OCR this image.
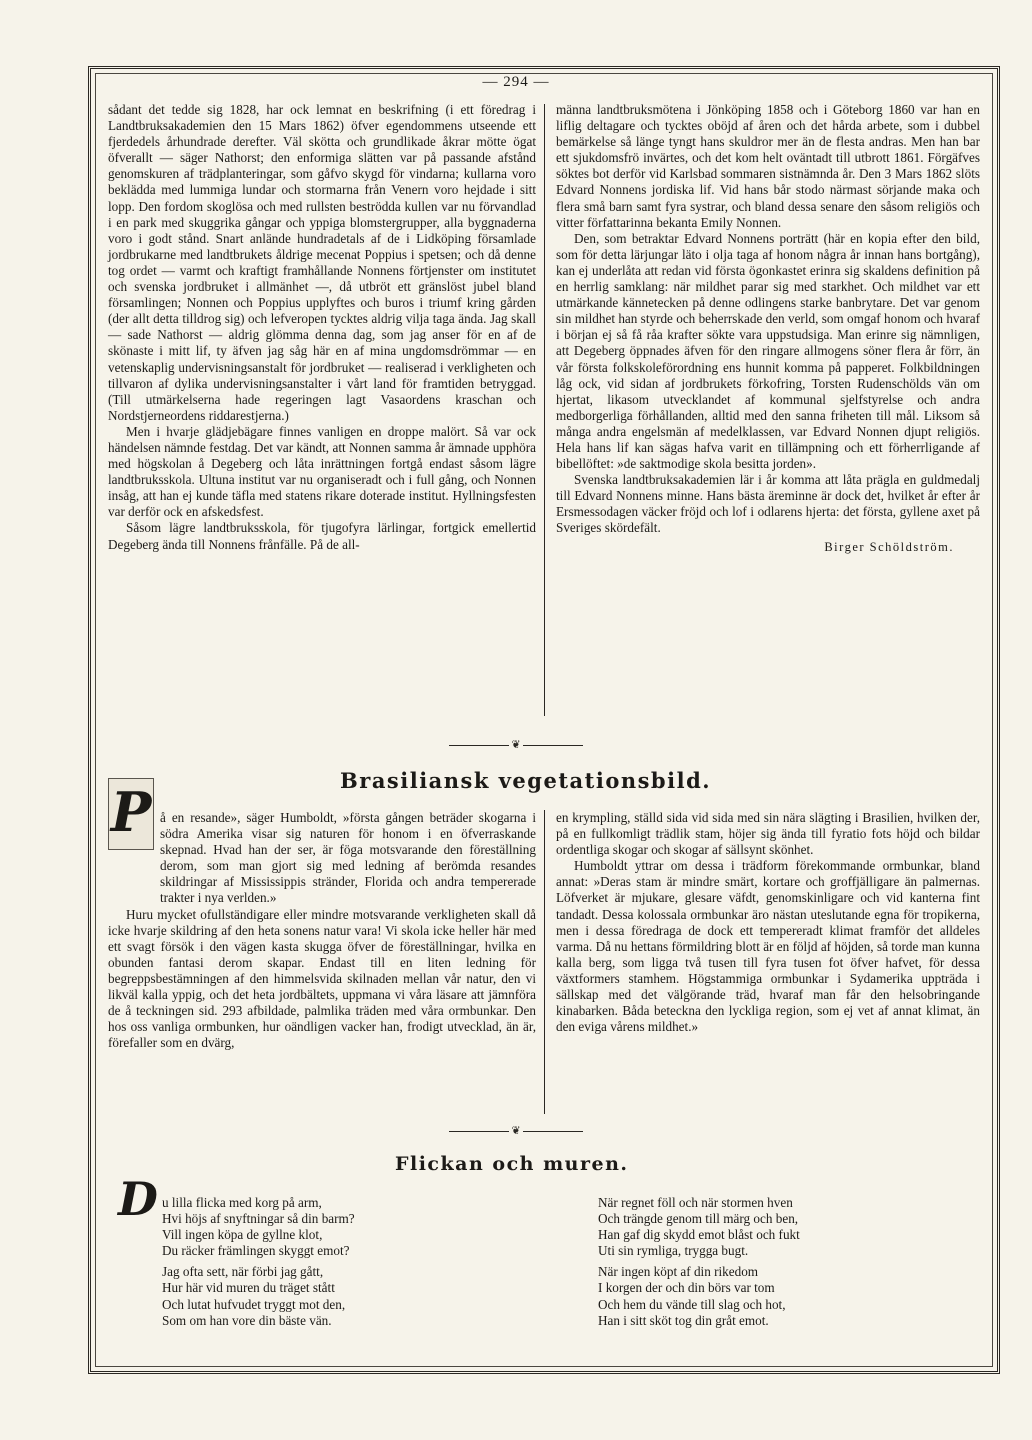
— 294 —

sådant det tedde sig 1828, har ock lemnat en beskrifning (i ett föredrag i Landtbruksakademien den 15 Mars 1862) öfver egendommens utseende ett fjerdedels århundrade derefter. Väl skötta och grundlikade åkrar mötte ögat öfverallt — säger Nathorst; den enformiga slätten var på passande afstånd genomskuren af trädplanteringar, som gåfvo skygd för vindarna; kullarna voro beklädda med lummiga lundar och stormarna från Venern voro hejdade i sitt lopp. Den fordom skoglösa och med rullsten beströdda kullen var nu förvandlad i en park med skuggrika gångar och yppiga blomstergrupper, alla byggnaderna voro i godt stånd. Snart anlände hundradetals af de i Lidköping församlade jordbrukarne med landtbrukets åldrige mecenat Poppius i spetsen; och då denne tog ordet — varmt och kraftigt framhållande Nonnens förtjenster om institutet och svenska jordbruket i allmänhet —, då utbröt ett gränslöst jubel bland församlingen; Nonnen och Poppius upplyftes och buros i triumf kring gården (der allt detta tilldrog sig) och lefveropen tycktes aldrig vilja taga ända. Jag skall — sade Nathorst — aldrig glömma denna dag, som jag anser för en af de skönaste i mitt lif, ty äfven jag såg här en af mina ungdomsdrömmar — en vetenskaplig undervisningsanstalt för jordbruket — realiserad i verkligheten och tillvaron af dylika undervisningsanstalter i vårt land för framtiden betryggad. (Till utmärkelserna hade regeringen lagt Vasaordens kraschan och Nordstjerneordens riddarestjerna.)

Men i hvarje glädjebägare finnes vanligen en droppe malört. Så var ock händelsen nämnde festdag. Det var kändt, att Nonnen samma år ämnade upphöra med högskolan å Degeberg och låta inrättningen fortgå endast såsom lägre landtbruksskola. Ultuna institut var nu organiseradt och i full gång, och Nonnen insåg, att han ej kunde täfla med statens rikare doterade institut. Hyllningsfesten var derför ock en afskedsfest.

Såsom lägre landtbruksskola, för tjugofyra lärlingar, fortgick emellertid Degeberg ända till Nonnens frånfälle. På de all-

männa landtbruksmötena i Jönköping 1858 och i Göteborg 1860 var han en liflig deltagare och tycktes oböjd af åren och det hårda arbete, som i dubbel bemärkelse så länge tyngt hans skuldror mer än de flesta andras. Men han bar ett sjukdomsfrö invärtes, och det kom helt oväntadt till utbrott 1861. Förgäfves söktes bot derför vid Karlsbad sommaren sistnämnda år. Den 3 Mars 1862 slöts Edvard Nonnens jordiska lif. Vid hans bår stodo närmast sörjande maka och flera små barn samt fyra systrar, och bland dessa senare den såsom religiös och vitter författarinna bekanta Emily Nonnen.

Den, som betraktar Edvard Nonnens porträtt (här en kopia efter den bild, som för detta lärjungar läto i olja taga af honom några år innan hans bortgång), kan ej underlåta att redan vid första ögonkastet erinra sig skaldens definition på en herrlig samklang: när mildhet parar sig med starkhet. Och mildhet var ett utmärkande kännetecken på denne odlingens starke banbrytare. Det var genom sin mildhet han styrde och beherrskade den verld, som omgaf honom och hvaraf i början ej så få råa krafter sökte vara uppstudsiga. Man erinre sig nämnligen, att Degeberg öppnades äfven för den ringare allmogens söner flera år förr, än vår första folkskoleförordning ens hunnit komma på papperet. Folkbildningen låg ock, vid sidan af jordbrukets förkofring, Torsten Rudenschölds vän om hjertat, likasom utvecklandet af kommunal sjelfstyrelse och andra medborgerliga förhållanden, alltid med den sanna friheten till mål. Liksom så många andra engelsmän af medelklassen, var Edvard Nonnen djupt religiös. Hela hans lif kan sägas hafva varit en tillämpning och ett förherrligande af bibellöftet: »de saktmodige skola besitta jorden».

Svenska landtbruksakademien lär i år komma att låta prägla en guldmedalj till Edvard Nonnens minne. Hans bästa äreminne är dock det, hvilket år efter år Ersmessodagen väcker fröjd och lof i odlarens hjerta: det första, gyllene axet på Sveriges skördefält.

Birger Schöldström.
❦
Brasiliansk vegetationsbild.
P å en resande», säger Humboldt, »första gången beträder skogarna i södra Amerika visar sig naturen för honom i en öfverraskande skepnad. Hvad han der ser, är föga motsvarande den föreställning derom, som man gjort sig med ledning af berömda resandes skildringar af Mississippis stränder, Florida och andra tempererade trakter i nya verlden.»

Huru mycket ofullständigare eller mindre motsvarande verkligheten skall då icke hvarje skildring af den heta sonens natur vara! Vi skola icke heller här med ett svagt försök i den vägen kasta skugga öfver de föreställningar, hvilka en obunden fantasi derom skapar. Endast till en liten ledning för begreppsbestämningen af den himmelsvida skilnaden mellan vår natur, den vi likväl kalla yppig, och det heta jordbältets, uppmana vi våra läsare att jämnföra de å teckningen sid. 293 afbildade, palmlika träden med våra ormbunkar. Den hos oss vanliga ormbunken, hur oändligen vacker han, frodigt utvecklad, än är, förefaller som en dvärg,

en krympling, ställd sida vid sida med sin nära slägting i Brasilien, hvilken der, på en fullkomligt trädlik stam, höjer sig ända till fyratio fots höjd och bildar ordentliga skogar och skogar af sällsynt skönhet.

Humboldt yttrar om dessa i trädform förekommande ormbunkar, bland annat: »Deras stam är mindre smärt, kortare och groffjälligare än palmernas. Löfverket är mjukare, glesare väfdt, genomskinligare och vid kanterna fint tandadt. Dessa kolossala ormbunkar äro nästan uteslutande egna för tropikerna, men i dessa föredraga de dock ett tempereradt klimat framför det alldeles varma. Då nu hettans förmildring blott är en följd af höjden, så torde man kunna kalla berg, som ligga två tusen till fyra tusen fot öfver hafvet, för dessa växtformers stamhem. Högstammiga ormbunkar i Sydamerika uppträda i sällskap med det välgörande träd, hvaraf man får den helsobringande kinabarken. Båda beteckna den lyckliga region, som ej vet af annat klimat, än den eviga vårens mildhet.»

❦
Flickan och muren.
D u lilla flicka med korg på arm,
Hvi höjs af snyftningar så din barm?
Vill ingen köpa de gyllne klot,
Du räcker främlingen skyggt emot?
Jag ofta sett, när förbi jag gått,
Hur här vid muren du träget stått
Och lutat hufvudet tryggt mot den,
Som om han vore din bäste vän.
När regnet föll och när stormen hven
Och trängde genom till märg och ben,
Han gaf dig skydd emot blåst och fukt
Uti sin rymliga, trygga bugt.
När ingen köpt af din rikedom
I korgen der och din börs var tom
Och hem du vände till slag och hot,
Han i sitt sköt tog din gråt emot.
